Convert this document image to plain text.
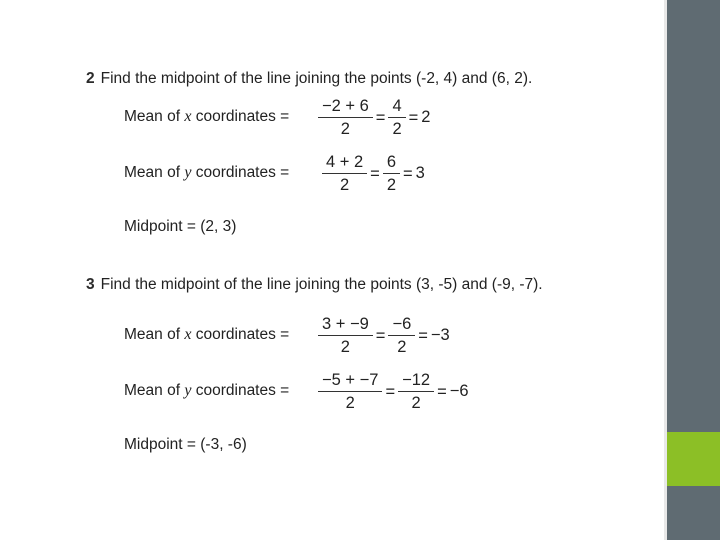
2 Find the midpoint of the line joining the points (-2, 4) and (6, 2).
Mean of x coordinates = $\frac{-2 + 6}{2} = \frac{4}{2} = 2$
Mean of y coordinates = $\frac{4 + 2}{2} = \frac{6}{2} = 3$
Midpoint = (2, 3)
3 Find the midpoint of the line joining the points (3, -5) and (-9, -7).
Mean of x coordinates = $\frac{3 + -9}{2} = \frac{-6}{2} = -3$
Mean of y coordinates = $\frac{-5 + -7}{2} = \frac{-12}{2} = -6$
Midpoint = (-3, -6)
